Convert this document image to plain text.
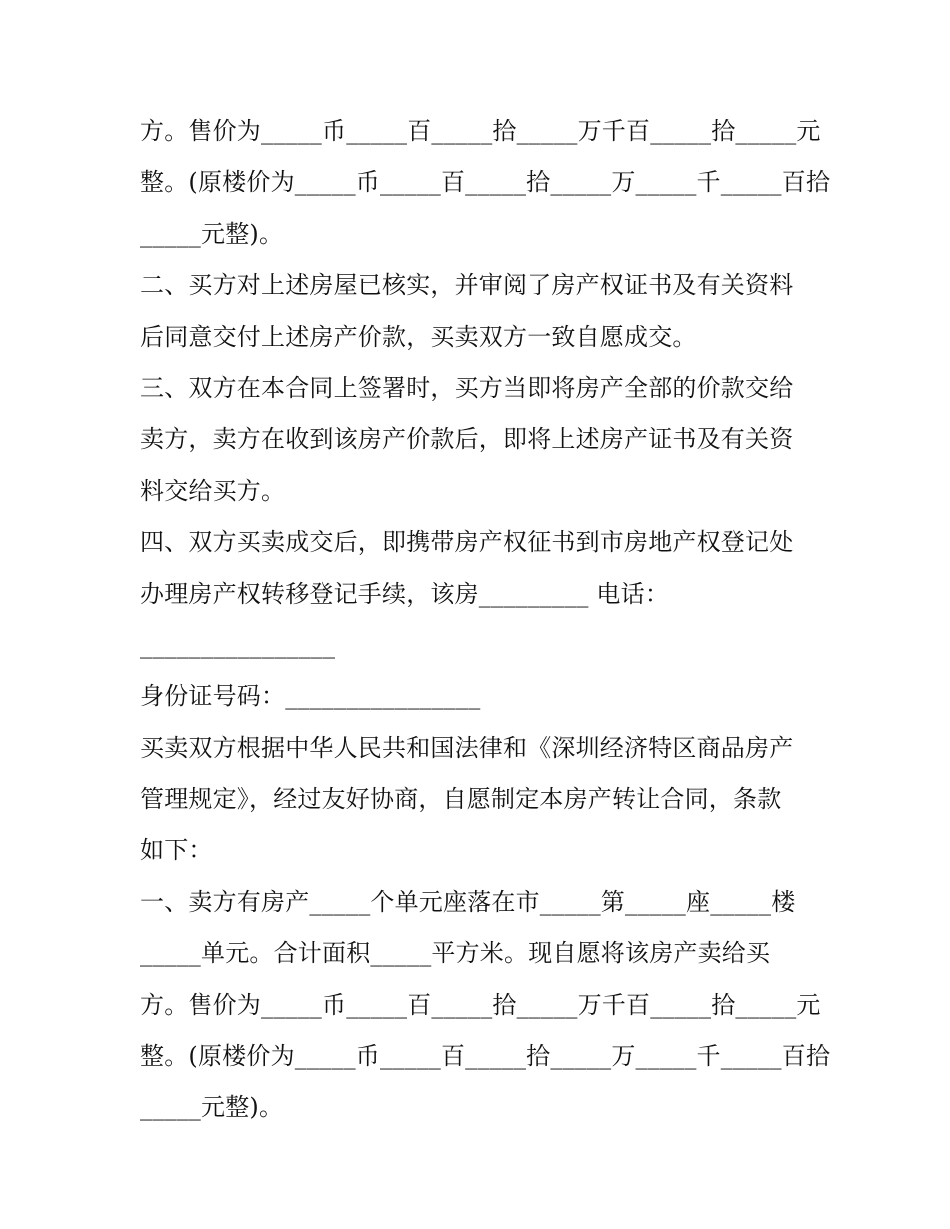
方。售价为_____币_____百_____拾_____万千百_____拾_____元
整。(原楼价为_____币_____百_____拾_____万_____千_____百拾
_____元整)。
二、买方对上述房屋已核实，并审阅了房产权证书及有关资料
后同意交付上述房产价款，买卖双方一致自愿成交。
三、双方在本合同上签署时，买方当即将房产全部的价款交给
卖方，卖方在收到该房产价款后，即将上述房产证书及有关资
料交给买方。
四、双方买卖成交后，即携带房产权征书到市房地产权登记处
办理房产权转移登记手续，该房_________ 电话：
________________
身份证号码：________________
买卖双方根据中华人民共和国法律和《深圳经济特区商品房产
管理规定》，经过友好协商，自愿制定本房产转让合同，条款
如下：
一、卖方有房产_____个单元座落在市_____第_____座_____楼
_____单元。合计面积_____平方米。现自愿将该房产卖给买
方。售价为_____币_____百_____拾_____万千百_____拾_____元
整。(原楼价为_____币_____百_____拾_____万_____千_____百拾
_____元整)。
